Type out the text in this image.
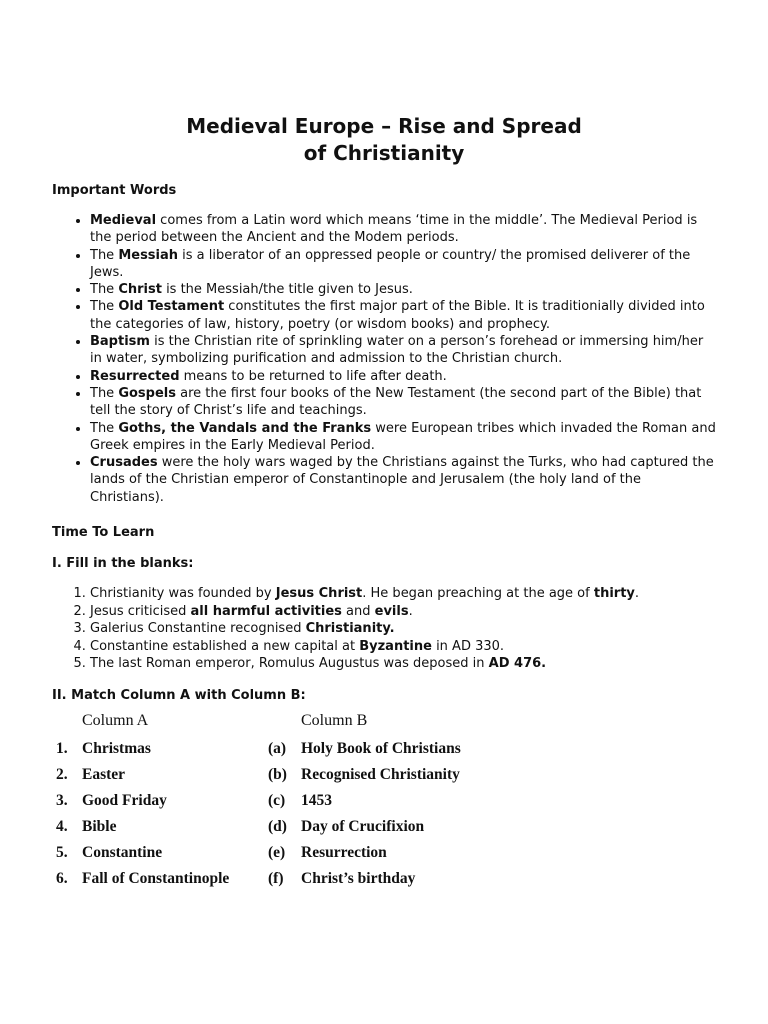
Medieval Europe – Rise and Spread
of Christianity
Important Words
• Medieval comes from a Latin word which means ‘time in the middle’. The Medieval Period is the period between the Ancient and the Modem periods.
• The Messiah is a liberator of an oppressed people or country/ the promised deliverer of the Jews.
• The Christ is the Messiah/the title given to Jesus.
• The Old Testament constitutes the first major part of the Bible. It is traditionially divided into the categories of law, history, poetry (or wisdom books) and prophecy.
• Baptism is the Christian rite of sprinkling water on a person’s forehead or immersing him/her in water, symbolizing purification and admission to the Christian church.
• Resurrected means to be returned to life after death.
• The Gospels are the first four books of the New Testament (the second part of the Bible) that tell the story of Christ’s life and teachings.
• The Goths, the Vandals and the Franks were European tribes which invaded the Roman and Greek empires in the Early Medieval Period.
• Crusades were the holy wars waged by the Christians against the Turks, who had captured the lands of the Christian emperor of Constantinople and Jerusalem (the holy land of the Christians).
Time To Learn
I. Fill in the blanks:
1. Christianity was founded by Jesus Christ. He began preaching at the age of thirty.
2. Jesus criticised all harmful activities and evils.
3. Galerius Constantine recognised Christianity.
4. Constantine established a new capital at Byzantine in AD 330.
5. The last Roman emperor, Romulus Augustus was deposed in AD 476.
II. Match Column A with Column B:
Column A	Column B
1. Christmas	(a) Holy Book of Christians
2. Easter	(b) Recognised Christianity
3. Good Friday	(c) 1453
4. Bible	(d) Day of Crucifixion
5. Constantine	(e) Resurrection
6. Fall of Constantinople (f) Christ’s birthday
